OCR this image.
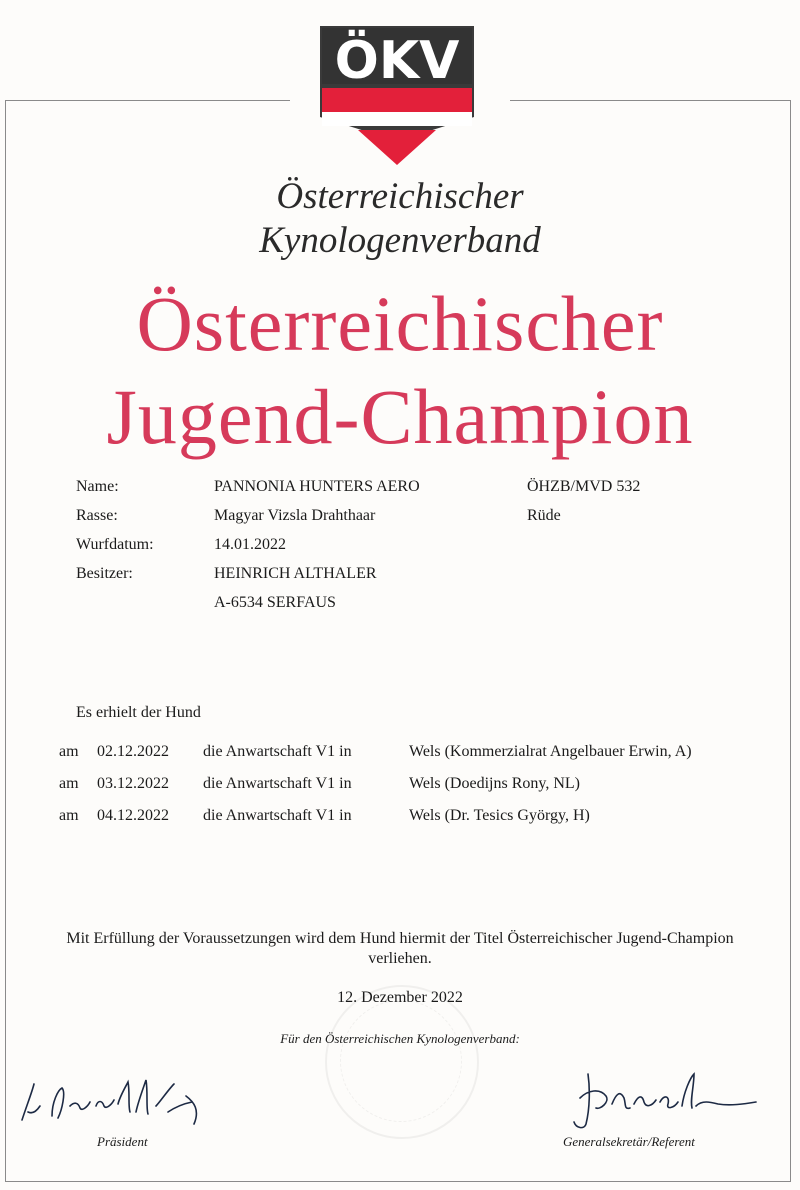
ÖKV
Österreichischer
Kynologenverband
Österreichischer
Jugend-Champion
Name:	PANNONIA HUNTERS AERO	ÖHZB/MVD 532
Rasse:	Magyar Vizsla Drahthaar	Rüde
Wurfdatum:	14.01.2022
Besitzer:	HEINRICH ALTHALER
A-6534 SERFAUS
Es erhielt der Hund
am 02.12.2022 die Anwartschaft V1 in	Wels (Kommerzialrat Angelbauer Erwin, A)
am 03.12.2022 die Anwartschaft V1 in	Wels (Doedijns Rony, NL)
am 04.12.2022 die Anwartschaft V1 in	Wels (Dr. Tesics György, H)
Mit Erfüllung der Voraussetzungen wird dem Hund hiermit der Titel Österreichischer Jugend-Champion
verliehen.
12. Dezember 2022
Für den Österreichischen Kynologenverband:
Präsident	Generalsekretär/Referent
